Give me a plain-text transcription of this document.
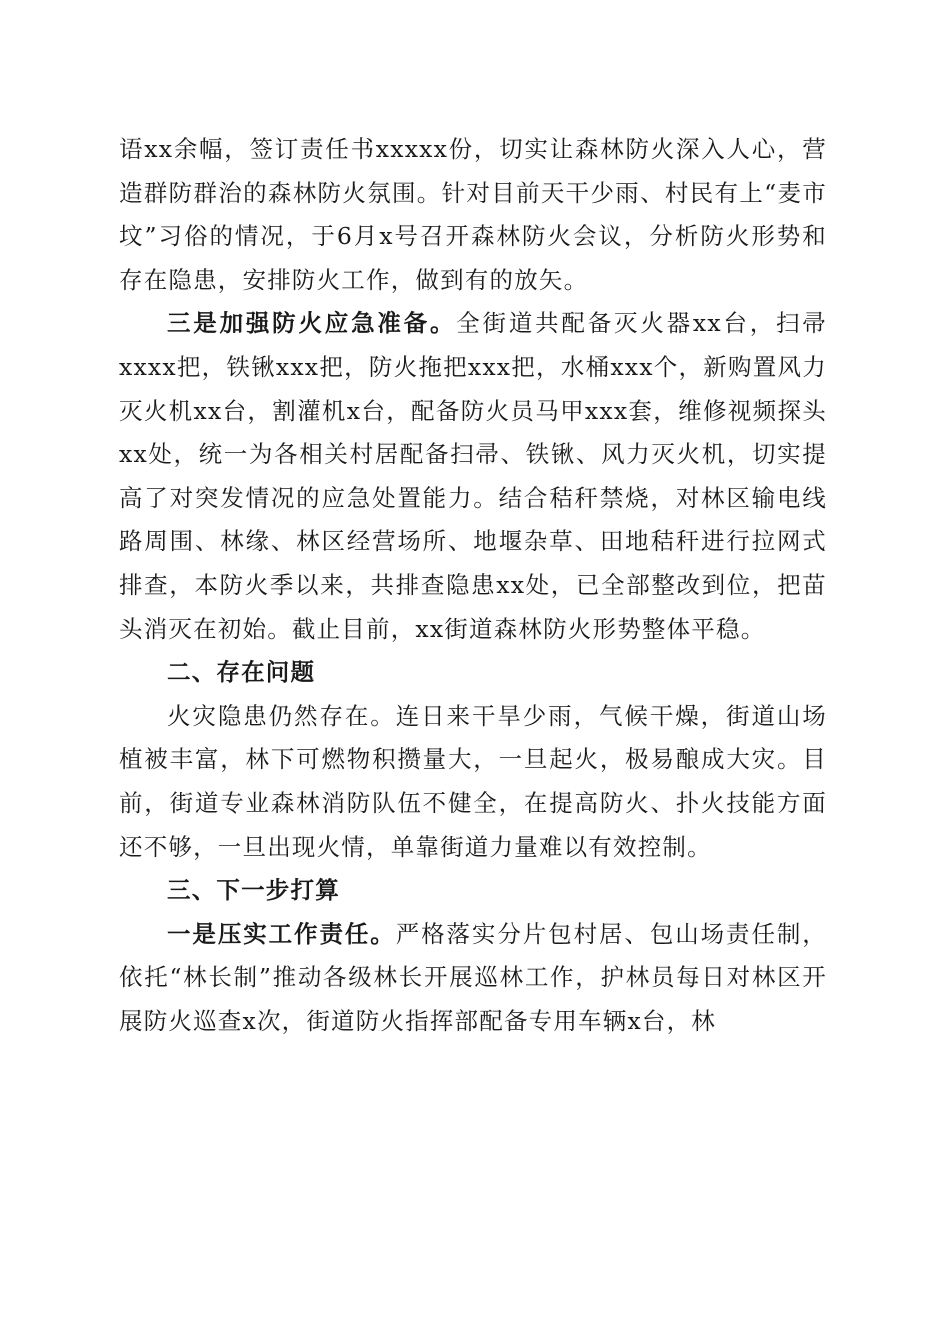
语xx余幅，签订责任书xxxxx份，切实让森林防火深入人心，营造群防群治的森林防火氛围。针对目前天干少雨、村民有上“麦市坟”习俗的情况，于6月x号召开森林防火会议，分析防火形势和存在隐患，安排防火工作，做到有的放矢。

三是加强防火应急准备。全街道共配备灭火器xx台，扫帚xxxx把，铁锹xxx把，防火拖把xxx把，水桶xxx个，新购置风力灭火机xx台，割灌机x台，配备防火员马甲xxx套，维修视频探头xx处，统一为各相关村居配备扫帚、铁锹、风力灭火机，切实提高了对突发情况的应急处置能力。结合秸秆禁烧，对林区输电线路周围、林缘、林区经营场所、地堰杂草、田地秸秆进行拉网式排查，本防火季以来，共排查隐患xx处，已全部整改到位，把苗头消灭在初始。截止目前，xx街道森林防火形势整体平稳。

二、存在问题

火灾隐患仍然存在。连日来干旱少雨，气候干燥，街道山场植被丰富，林下可燃物积攒量大，一旦起火，极易酿成大灾。目前，街道专业森林消防队伍不健全，在提高防火、扑火技能方面还不够，一旦出现火情，单靠街道力量难以有效控制。

三、下一步打算

一是压实工作责任。严格落实分片包村居、包山场责任制，依托“林长制”推动各级林长开展巡林工作，护林员每日对林区开展防火巡查x次，街道防火指挥部配备专用车辆x台，林
